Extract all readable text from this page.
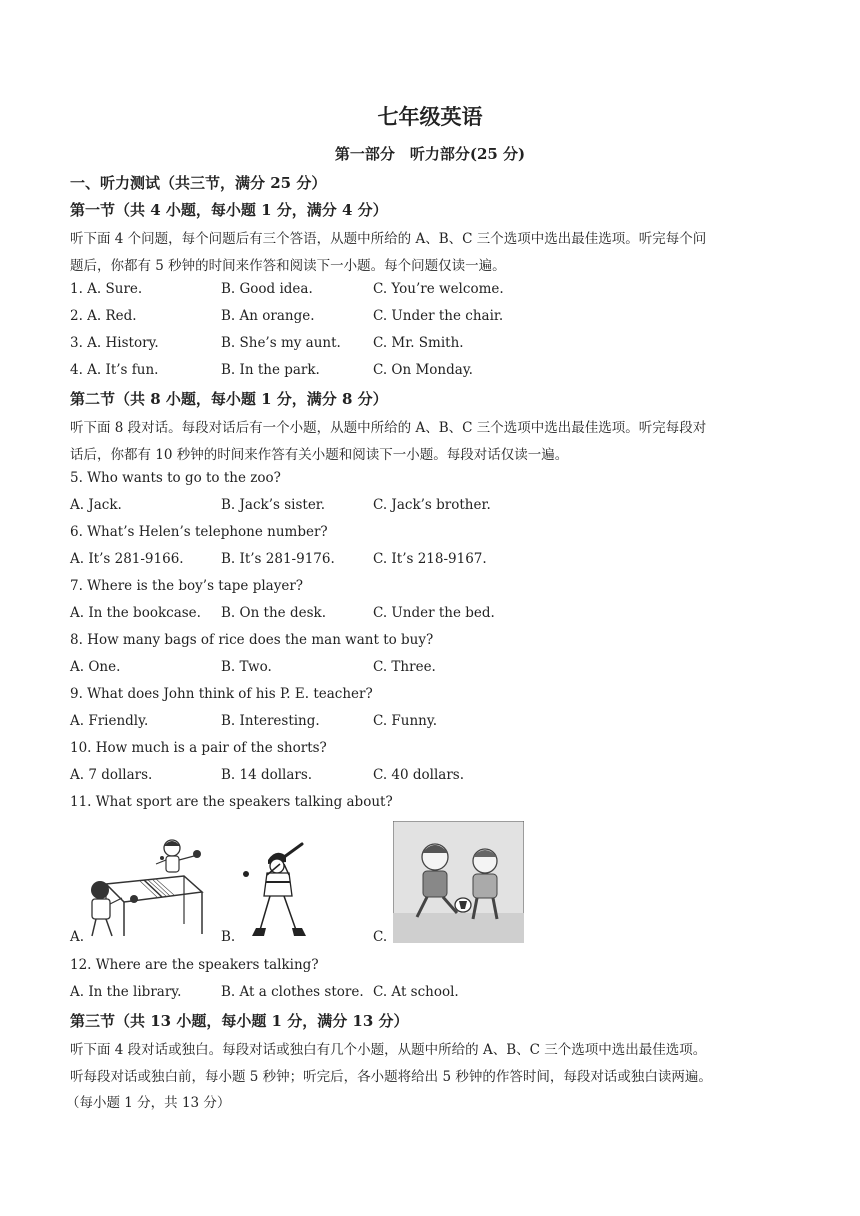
七年级英语
第一部分　听力部分(25 分)
一、听力测试（共三节，满分 25 分）
第一节（共 4 小题，每小题 1 分，满分 4 分）
听下面 4 个问题，每个问题后有三个答语，从题中所给的 A、B、C 三个选项中选出最佳选项。听完每个问
题后，你都有 5 秒钟的时间来作答和阅读下一小题。每个问题仅读一遍。
1. A. Sure.	B. Good idea.	C. You’re welcome.
2. A. Red.	B. An orange.	C. Under the chair.
3. A. History.	B. She’s my aunt. C. Mr. Smith.
4. A. It’s fun.	B. In the park.	C. On Monday.
第二节（共 8 小题，每小题 1 分，满分 8 分）
听下面 8 段对话。每段对话后有一个小题，从题中所给的 A、B、C 三个选项中选出最佳选项。听完每段对
话后，你都有 10 秒钟的时间来作答有关小题和阅读下一小题。每段对话仅读一遍。
5. Who wants to go to the zoo?
A. Jack.	B. Jack’s sister.	C. Jack’s brother.
6. What’s Helen’s telephone number?
A. It’s 281-9166.	B. It’s 281-9176.	C. It’s 218-9167.
7. Where is the boy’s tape player?
A. In the bookcase. B. On the desk.	C. Under the bed.
8. How many bags of rice does the man want to buy?
A. One.	B. Two.	C. Three.
9. What does John think of his P. E. teacher?
A. Friendly.	B. Interesting.	C. Funny.
10. How much is a pair of the shorts?
A. 7 dollars.	B. 14 dollars.	C. 40 dollars.
11. What sport are the speakers talking about?
A.	B.	C.
12. Where are the speakers talking?
A. In the library.	B. At a clothes store. C. At school.
第三节（共 13 小题，每小题 1 分，满分 13 分）
听下面 4 段对话或独白。每段对话或独白有几个小题，从题中所给的 A、B、C 三个选项中选出最佳选项。
听每段对话或独白前，每小题 5 秒钟；听完后，各小题将给出 5 秒钟的作答时间，每段对话或独白读两遍。
（每小题 1 分，共 13 分）
